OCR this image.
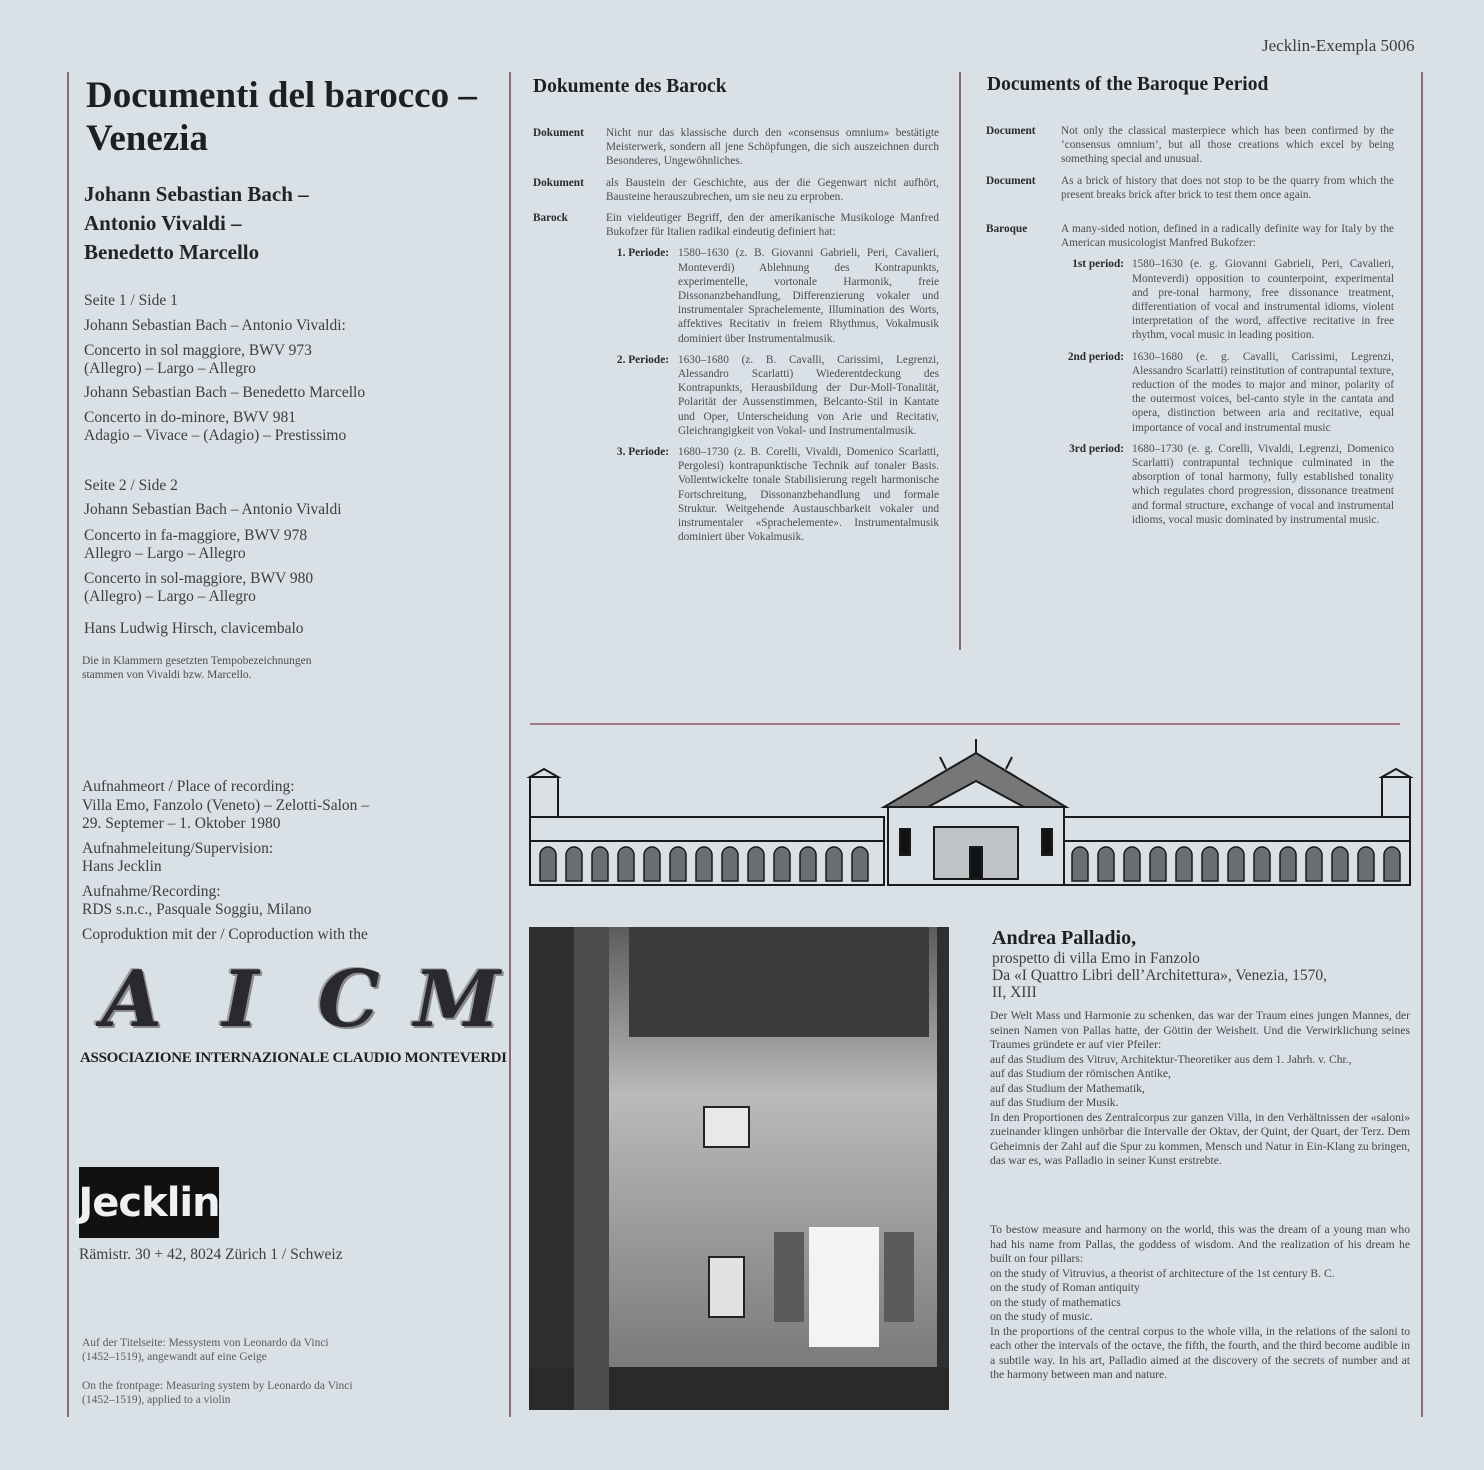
Jecklin-Exempla 5006
Documenti del barocco –
Venezia
Johann Sebastian Bach –
Antonio Vivaldi –
Benedetto Marcello
Seite 1 / Side 1
Johann Sebastian Bach – Antonio Vivaldi:
Concerto in sol maggiore, BWV 973
(Allegro) – Largo – Allegro
Johann Sebastian Bach – Benedetto Marcello
Concerto in do-minore, BWV 981
Adagio – Vivace – (Adagio) – Prestissimo
Seite 2 / Side 2
Johann Sebastian Bach – Antonio Vivaldi
Concerto in fa-maggiore, BWV 978
Allegro – Largo – Allegro
Concerto in sol-maggiore, BWV 980
(Allegro) – Largo – Allegro
Hans Ludwig Hirsch, clavicembalo
Die in Klammern gesetzten Tempobezeichnungen
stammen von Vivaldi bzw. Marcello.

Aufnahmeort / Place of recording:
Villa Emo, Fanzolo (Veneto) – Zelotti-Salon –
29. Septemer – 1. Oktober 1980

Aufnahmeleitung/Supervision:
Hans Jecklin

Aufnahme/Recording:
RDS s.n.c., Pasquale Soggiu, Milano

Coproduktion mit der / Coproduction with the

A I C M
ASSOCIAZIONE INTERNAZIONALE CLAUDIO MONTEVERDI
Jecklin
Rämistr. 30 + 42, 8024 Zürich 1 / Schweiz
Auf der Titelseite: Messystem von Leonardo da Vinci
(1452–1519), angewandt auf eine Geige
On the frontpage: Measuring system by Leonardo da Vinci
(1452–1519), applied to a violin
Dokumente des Barock
Dokument	Nicht nur das klassische durch den «consensus omnium» bestätigte Meisterwerk, sondern all jene Schöpfungen, die sich auszeichnen durch Besonderes, Ungewöhnliches.
Dokument	als Baustein der Geschichte, aus der die Gegenwart nicht aufhört, Bausteine herauszubrechen, um sie neu zu erproben.
Barock	Ein vieldeutiger Begriff, den der amerikanische Musikologe Manfred Bukofzer für Italien radikal eindeutig definiert hat:
1. Periode: 1580–1630 (z. B. Giovanni Gabrieli, Peri, Cavalieri, Monteverdi) Ablehnung des Kontrapunkts, experimentelle, vortonale Harmonik, freie Dissonanzbehandlung, Differenzierung vokaler und instrumentaler Sprachelemente, Illumination des Worts, affektives Recitativ in freiem Rhythmus, Vokalmusik dominiert über Instrumentalmusik.
2. Periode: 1630–1680 (z. B. Cavalli, Carissimi, Legrenzi, Alessandro Scarlatti) Wiederentdeckung des Kontrapunkts, Herausbildung der Dur-Moll-Tonalität, Polarität der Aussenstimmen, Belcanto-Stil in Kantate und Oper, Unterscheidung von Arie und Recitativ, Gleichrangigkeit von Vokal- und Instrumentalmusik.
3. Periode: 1680–1730 (z. B. Corelli, Vivaldi, Domenico Scarlatti, Pergolesi) kontrapunktische Technik auf tonaler Basis. Vollentwickelte tonale Stabilisierung regelt harmonische Fortschreitung, Dissonanzbehandlung und formale Struktur. Weitgehende Austauschbarkeit vokaler und instrumentaler «Sprachelemente». Instrumentalmusik dominiert über Vokalmusik.
Documents of the Baroque Period
Document	Not only the classical masterpiece which has been confirmed by the ‘consensus omnium’, but all those creations which excel by being something special and unusual.
Document	As a brick of history that does not stop to be the quarry from which the present breaks brick after brick to test them once again.
Baroque	A many-sided notion, defined in a radically definite way for Italy by the American musicologist Manfred Bukofzer:
1st period: 1580–1630 (e. g. Giovanni Gabrieli, Peri, Cavalieri, Monteverdi) opposition to counterpoint, experimental and pre-tonal harmony, free dissonance treatment, differentiation of vocal and instrumental idioms, violent interpretation of the word, affective recitative in free rhythm, vocal music in leading position.
2nd period: 1630–1680 (e. g. Cavalli, Carissimi, Legrenzi, Alessandro Scarlatti) reinstitution of contrapuntal texture, reduction of the modes to major and minor, polarity of the outermost voices, bel-canto style in the cantata and opera, distinction between aria and recitative, equal importance of vocal and instrumental music
3rd period: 1680–1730 (e. g. Corelli, Vivaldi, Legrenzi, Domenico Scarlatti) contrapuntal technique culminated in the absorption of tonal harmony, fully established tonality which regulates chord progression, dissonance treatment and formal structure, exchange of vocal and instrumental idioms, vocal music dominated by instrumental music.
Andrea Palladio,
prospetto di villa Emo in Fanzolo
Da «I Quattro Libri dell’Architettura», Venezia, 1570,
II, XIII
Der Welt Mass und Harmonie zu schenken, das war der Traum eines jungen Mannes, der seinen Namen von Pallas hatte, der Göttin der Weisheit. Und die Verwirklichung seines Traumes gründete er auf vier Pfeiler:
auf das Studium des Vitruv, Architektur-Theoretiker aus dem 1. Jahrh. v. Chr.,
auf das Studium der römischen Antike,
auf das Studium der Mathematik,
auf das Studium der Musik.
In den Proportionen des Zentralcorpus zur ganzen Villa, in den Verhältnissen der «saloni» zueinander klingen unhörbar die Intervalle der Oktav, der Quint, der Quart, der Terz. Dem Geheimnis der Zahl auf die Spur zu kommen, Mensch und Natur in Ein-Klang zu bringen, das war es, was Palladio in seiner Kunst erstrebte.
To bestow measure and harmony on the world, this was the dream of a young man who had his name from Pallas, the goddess of wisdom. And the realization of his dream he built on four pillars:
on the study of Vitruvius, a theorist of architecture of the 1st century B. C.
on the study of Roman antiquity
on the study of mathematics
on the study of music.
In the proportions of the central corpus to the whole villa, in the relations of the saloni to each other the intervals of the octave, the fifth, the fourth, and the third become audible in a subtile way. In his art, Palladio aimed at the discovery of the secrets of number and at the harmony between man and nature.
